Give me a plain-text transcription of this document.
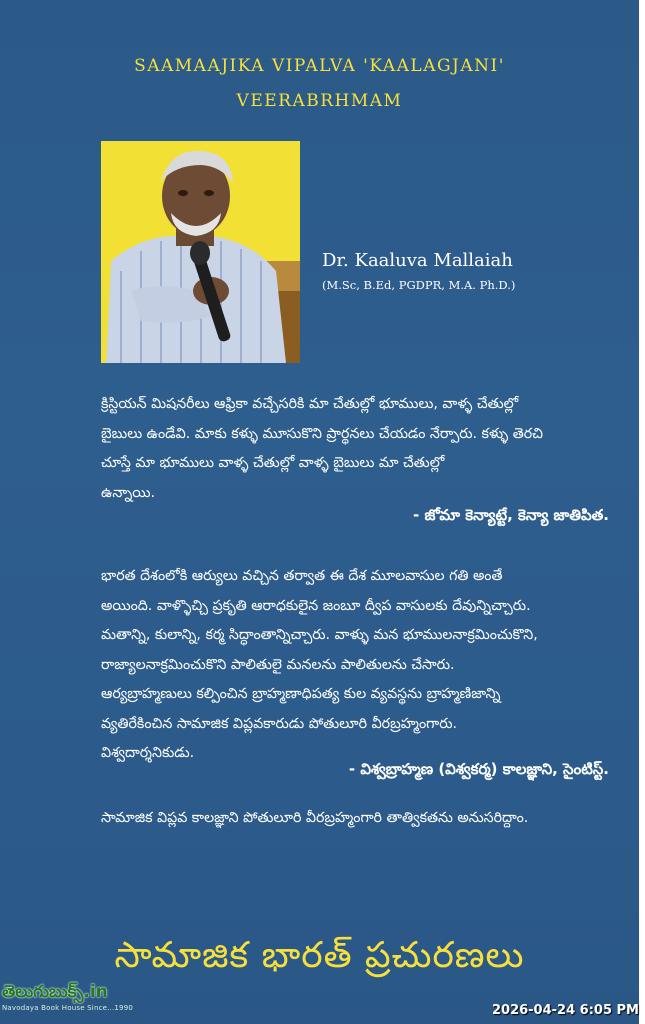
SAAMAAJIKA VIPALVA 'KAALAGJANI'
VEERABRHMAM
Dr. Kaaluva Mallaiah
(M.Sc, B.Ed, PGDPR, M.A. Ph.D.)
క్రిస్టియన్ మిషనరీలు ఆఫ్రికా వచ్చేసరికి మా చేతుల్లో భూములు, వాళ్ళ చేతుల్లో
బైబులు ఉండేవి. మాకు కళ్ళు మూసుకొని ప్రార్థనలు చేయడం నేర్పారు. కళ్ళు తెరచి
చూస్తే మా భూములు వాళ్ళ చేతుల్లో వాళ్ళ బైబులు మా చేతుల్లో
ఉన్నాయి.
- జోమా కెన్యాట్టే, కెన్యా జాతిపిత.
భారత దేశంలోకి ఆర్యులు వచ్చిన తర్వాత ఈ దేశ మూలవాసుల గతి అంతే
అయింది. వాళ్ళొచ్చి ప్రకృతి ఆరాధకులైన జంబూ ద్వీప వాసులకు దేవున్నిచ్చారు.
మతాన్ని, కులాన్ని, కర్మ సిద్ధాంతాన్నిచ్చారు. వాళ్ళు మన భూములనాక్రమించుకొని,
రాజ్యాలనాక్రమించుకొని పాలితులై మనలను పాలితులను చేసారు.
ఆర్యబ్రాహ్మణులు కల్పించిన బ్రాహ్మణాధిపత్య కుల వ్యవస్థను బ్రాహ్మణిజాన్ని
వ్యతిరేకించిన సామాజిక విప్లవకారుడు పోతులూరి వీరబ్రహ్మంగారు.
విశ్వదార్శనికుడు.
- విశ్వబ్రాహ్మణ (విశ్వకర్మ) కాలజ్ఞాని, సైంటిస్ట్.
సామాజిక విప్లవ కాలజ్ఞాని పోతులూరి వీరబ్రహ్మంగారి తాత్వికతను అనుసరిద్దాం.
సామాజిక భారత్ ప్రచురణలు
తెలుగుబుక్స్.in
Navodaya Book House Since...1990	2026-04-24 6:05 PM
